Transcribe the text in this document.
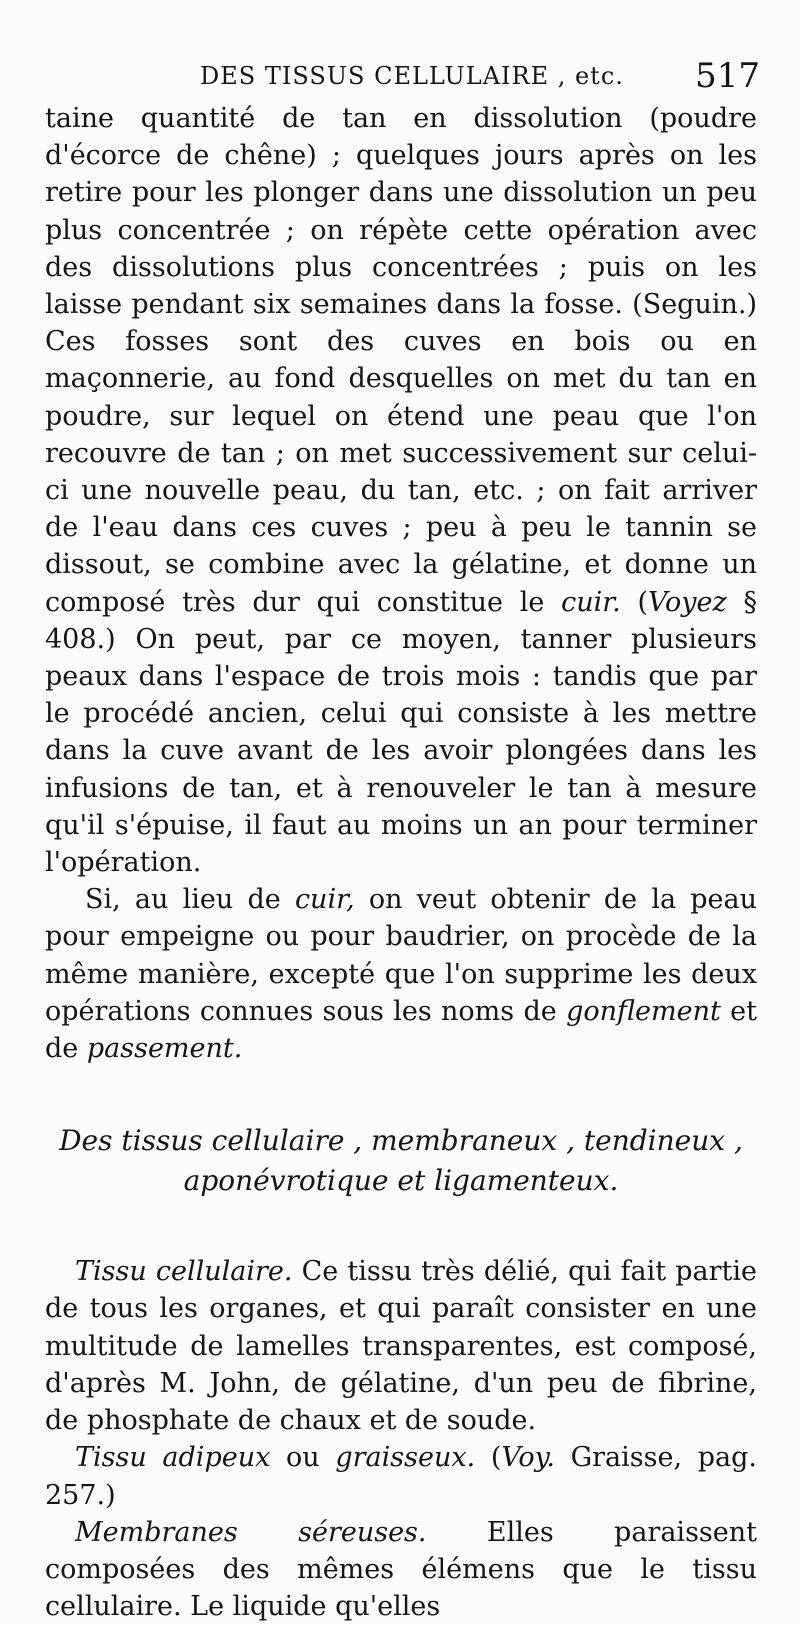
DES TISSUS CELLULAIRE , etc. 517

taine quantité de tan en dissolution (poudre d'écorce de chêne) ; quelques jours après on les retire pour les plonger dans une dissolution un peu plus concentrée ; on répète cette opération avec des dissolutions plus concentrées ; puis on les laisse pendant six semaines dans la fosse. (Seguin.) Ces fosses sont des cuves en bois ou en maçonnerie, au fond desquelles on met du tan en poudre, sur lequel on étend une peau que l'on recouvre de tan ; on met successivement sur celui-ci une nouvelle peau, du tan, etc. ; on fait arriver de l'eau dans ces cuves ; peu à peu le tannin se dissout, se combine avec la gélatine, et donne un composé très dur qui constitue le cuir. (Voyez § 408.) On peut, par ce moyen, tanner plusieurs peaux dans l'espace de trois mois : tandis que par le procédé ancien, celui qui consiste à les mettre dans la cuve avant de les avoir plongées dans les infusions de tan, et à renouveler le tan à mesure qu'il s'épuise, il faut au moins un an pour terminer l'opération.

Si, au lieu de cuir, on veut obtenir de la peau pour empeigne ou pour baudrier, on procède de la même manière, excepté que l'on supprime les deux opérations connues sous les noms de gonflement et de passement.

Des tissus cellulaire , membraneux , tendineux ,
aponévrotique et ligamenteux.

Tissu cellulaire. Ce tissu très délié, qui fait partie de tous les organes, et qui paraît consister en une multitude de lamelles transparentes, est composé, d'après M. John, de gélatine, d'un peu de fibrine, de phosphate de chaux et de soude.

Tissu adipeux ou graisseux. (Voy. Graisse, pag. 257.)

Membranes séreuses. Elles paraissent composées des mêmes élémens que le tissu cellulaire. Le liquide qu'elles
